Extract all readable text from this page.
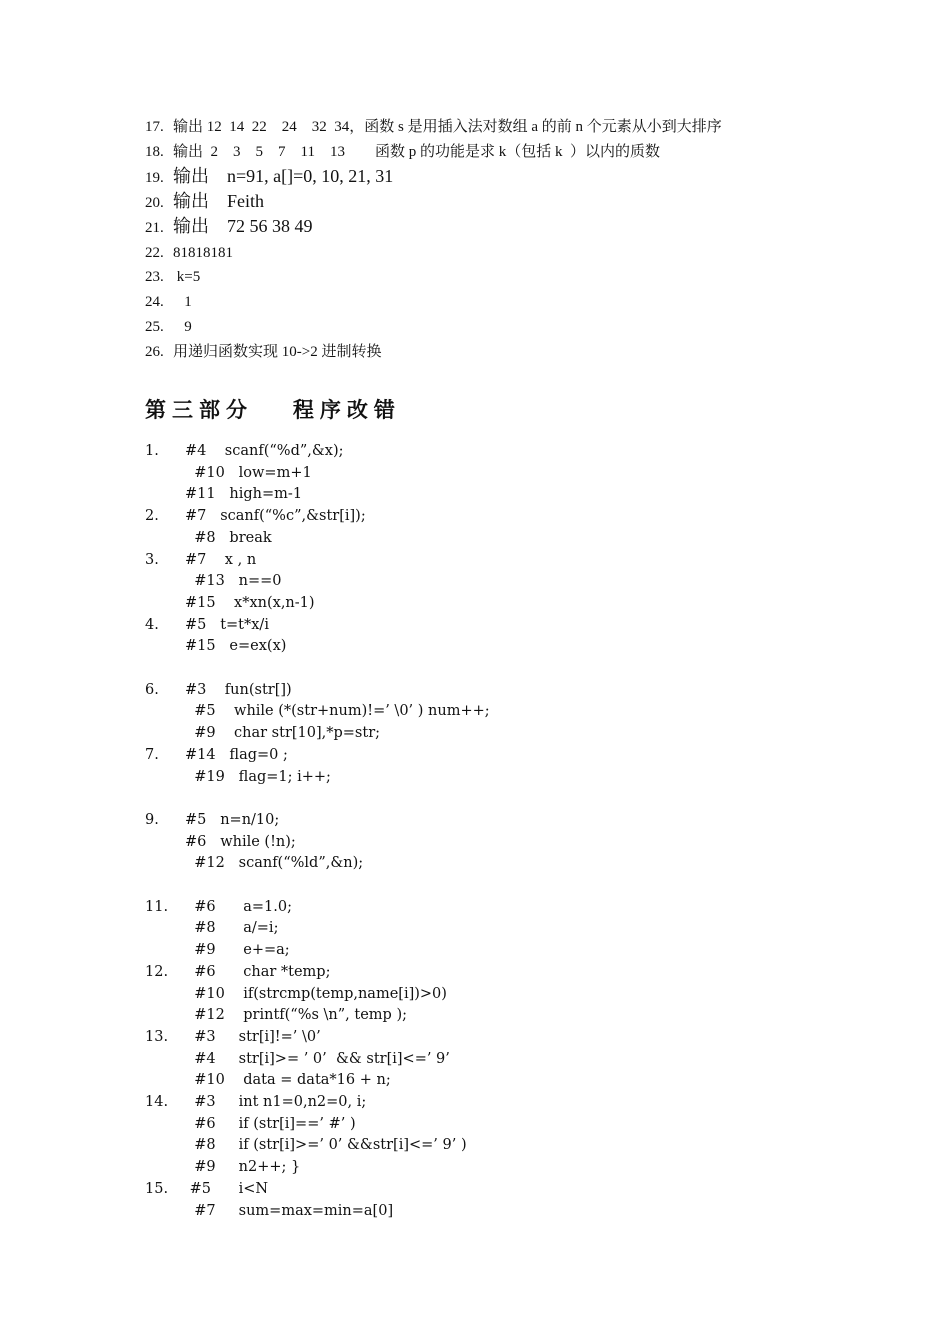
17. 输出 12  14  22    24    32  34，函数 s 是用插入法对数组 a 的前 n 个元素从小到大排序
18. 输出  2    3    5    7    11    13        函数 p 的功能是求 k（包括 k  ）以内的质数
19. 输出    n=91, a[]=0, 10, 21, 31
20. 输出    Feith
21. 输出    72 56 38 49
22. 81818181
23. k=5
24.   1
25.   9
26. 用递归函数实现 10->2 进制转换
第三部分   程序改错
1. #4    scanf(“%d”,&x);
#10   low=m+1
#11   high=m-1
2. #7   scanf(“%c”,&str[i]);
#8   break
3. #7    x , n
#13   n==0
#15    x*xn(x,n-1)
4. #5   t=t*x/i
#15   e=ex(x)
6. #3    fun(str[])
#5    while (*(str+num)!=’ \0’ ) num++;
#9    char str[10],*p=str;
7. #14   flag=0 ;
#19   flag=1; i++;
9. #5   n=n/10;
#6   while (!n);
#12   scanf(“%ld”,&n);
11. #6      a=1.0;
#8      a/=i;
#9      e+=a;
12. #6      char *temp;
#10    if(strcmp(temp,name[i])>0)
#12    printf(“%s \n”, temp );
13. #3     str[i]!=’ \0’
#4     str[i]>= ’ 0’  && str[i]<=’ 9’
#10    data = data*16 + n;
14. #3     int n1=0,n2=0, i;
#6     if (str[i]==’ #’ )
#8     if (str[i]>=’ 0’ &&str[i]<=’ 9’ )
#9     n2++; }
15. #5      i<N
#7     sum=max=min=a[0]
